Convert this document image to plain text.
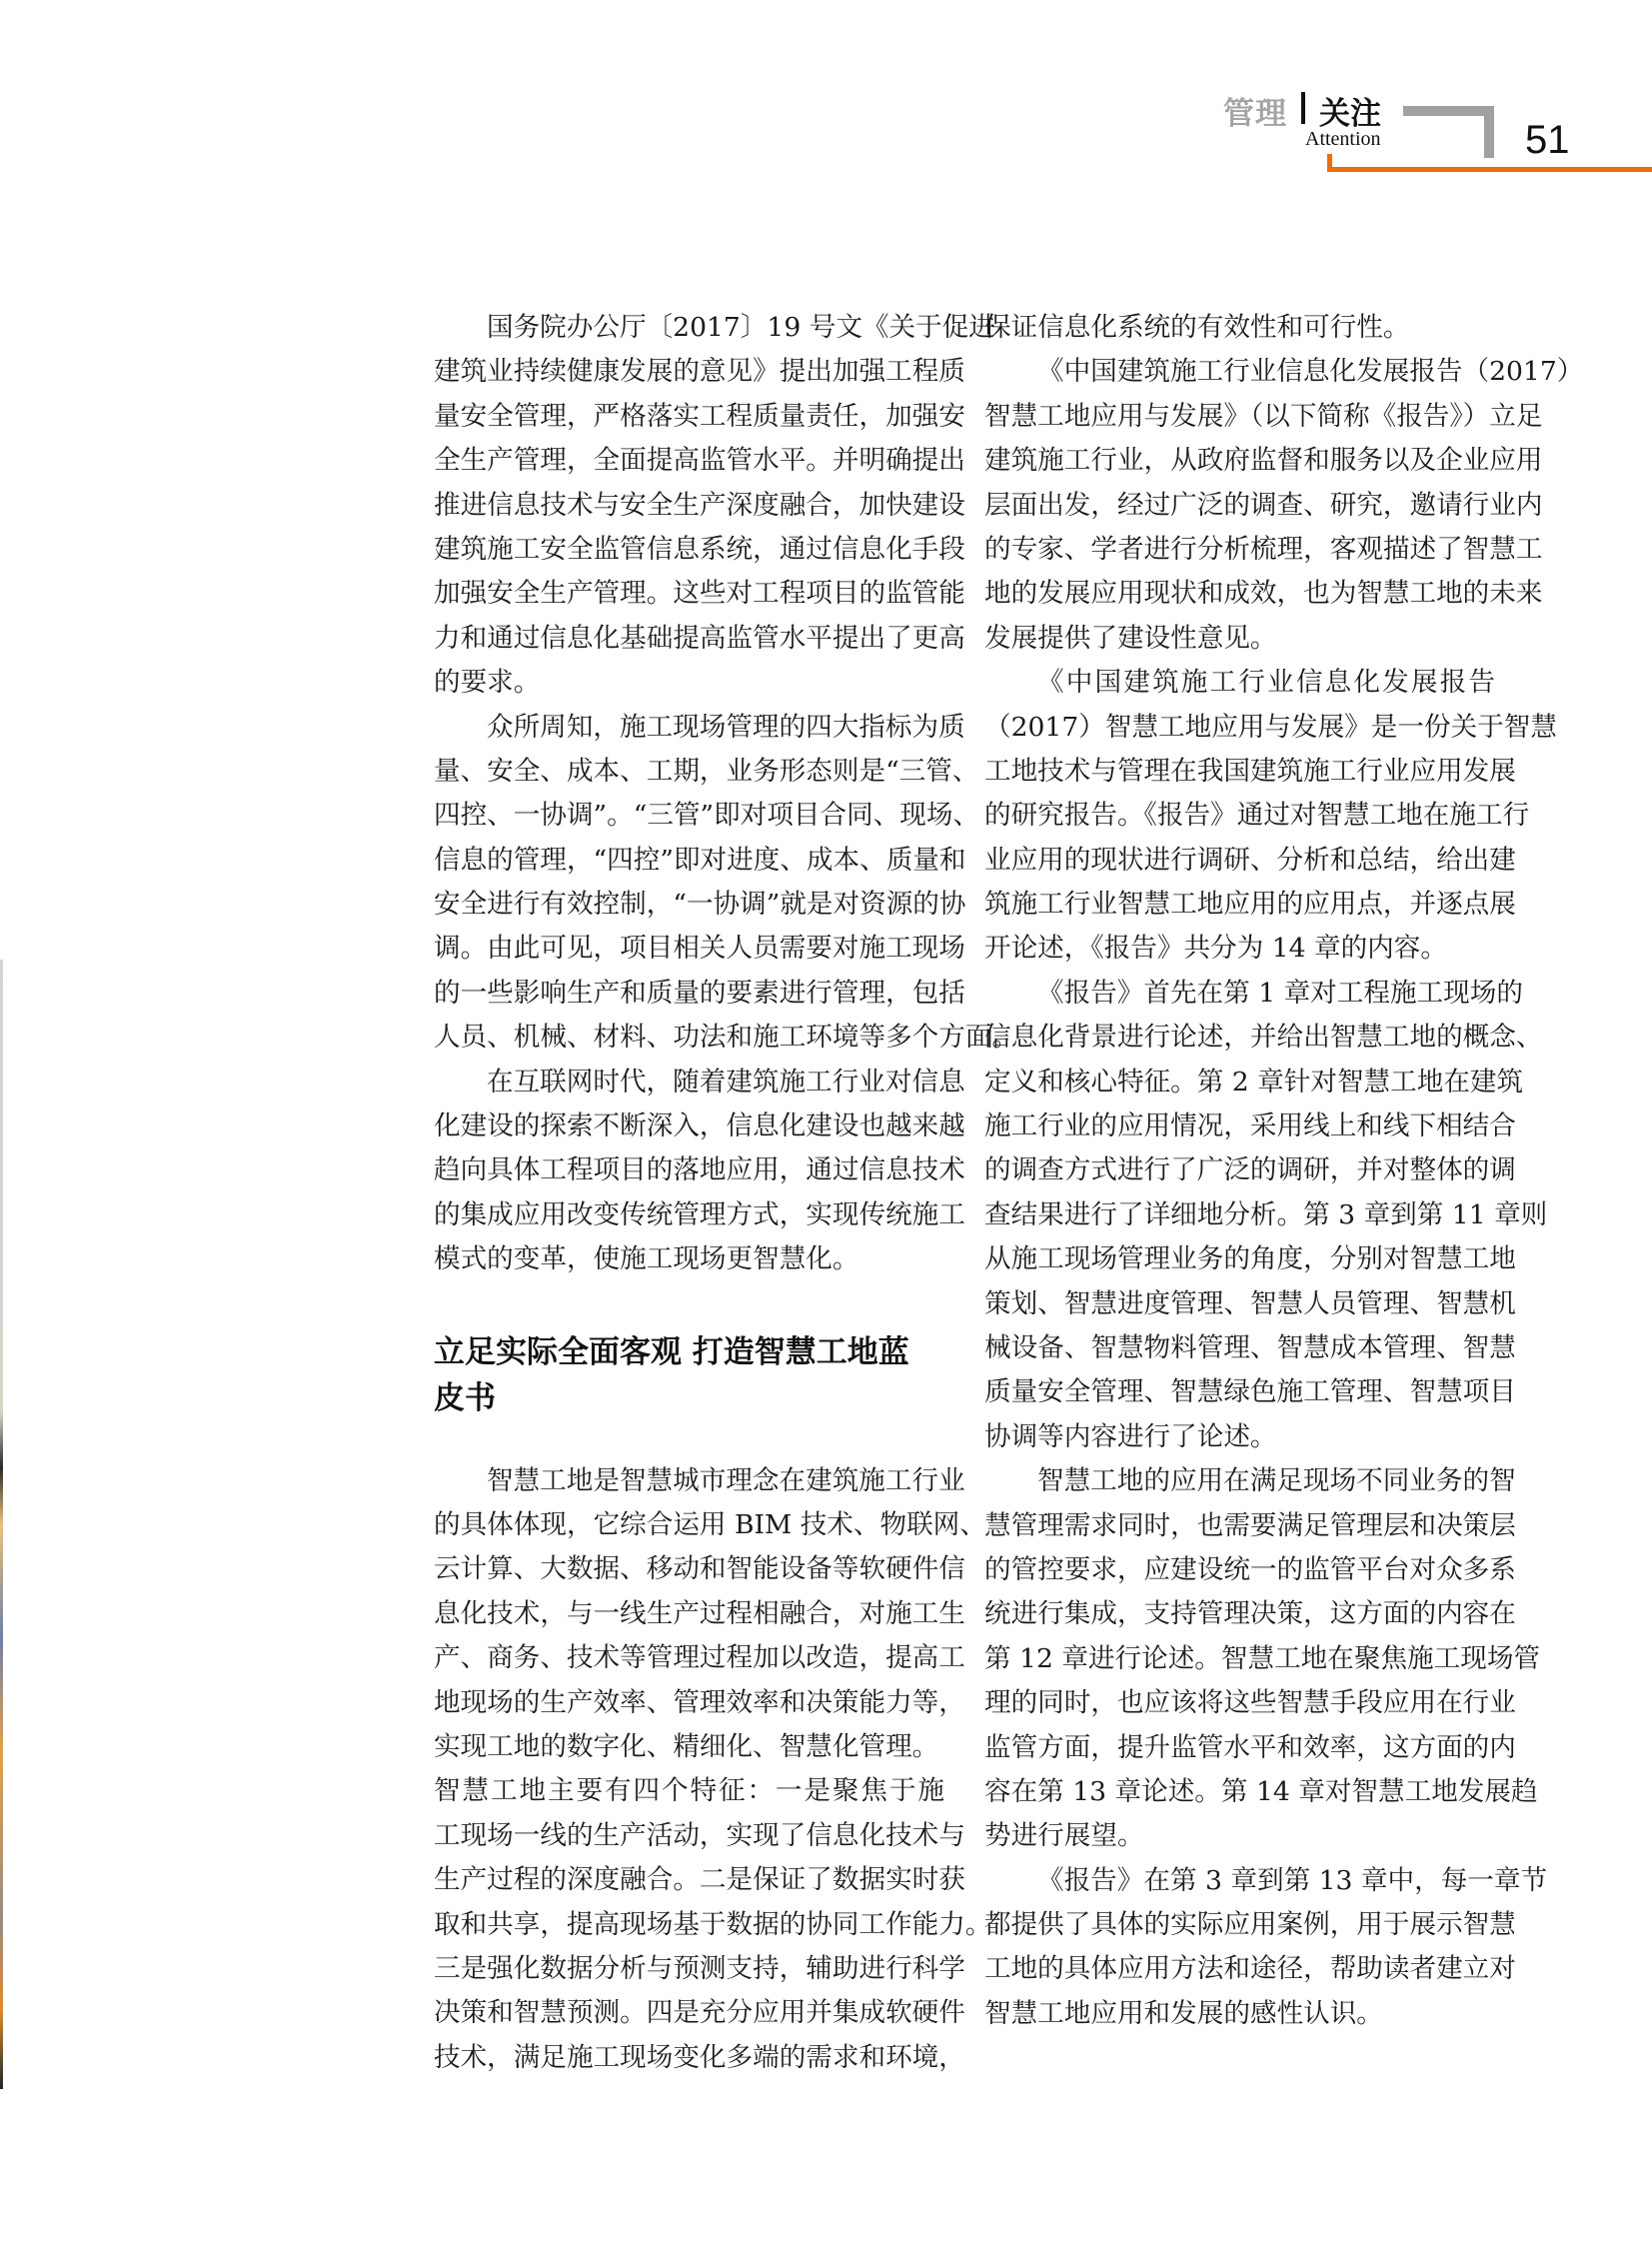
管理 关注
Attention	51
国务院办公厅〔2017〕19 号文《关于促进
建筑业持续健康发展的意见》提出加强工程质
量安全管理，严格落实工程质量责任，加强安
全生产管理，全面提高监管水平。并明确提出
推进信息技术与安全生产深度融合，加快建设
建筑施工安全监管信息系统，通过信息化手段
加强安全生产管理。这些对工程项目的监管能
力和通过信息化基础提高监管水平提出了更高
的要求。
众所周知，施工现场管理的四大指标为质
量、安全、成本、工期，业务形态则是“三管、
四控、一协调”。“三管”即对项目合同、现场、
信息的管理，“四控”即对进度、成本、质量和
安全进行有效控制，“一协调”就是对资源的协
调。由此可见，项目相关人员需要对施工现场
的一些影响生产和质量的要素进行管理，包括
人员、机械、材料、功法和施工环境等多个方面。
在互联网时代，随着建筑施工行业对信息
化建设的探索不断深入，信息化建设也越来越
趋向具体工程项目的落地应用，通过信息技术
的集成应用改变传统管理方式，实现传统施工
模式的变革，使施工现场更智慧化。
立足实际全面客观 打造智慧工地蓝
皮书
智慧工地是智慧城市理念在建筑施工行业
的具体体现，它综合运用 BIM 技术、物联网、
云计算、大数据、移动和智能设备等软硬件信
息化技术，与一线生产过程相融合，对施工生
产、商务、技术等管理过程加以改造，提高工
地现场的生产效率、管理效率和决策能力等，
实现工地的数字化、精细化、智慧化管理。
智慧工地主要有四个特征：一是聚焦于施
工现场一线的生产活动，实现了信息化技术与
生产过程的深度融合。二是保证了数据实时获
取和共享，提高现场基于数据的协同工作能力。
三是强化数据分析与预测支持，辅助进行科学
决策和智慧预测。四是充分应用并集成软硬件
技术，满足施工现场变化多端的需求和环境，
保证信息化系统的有效性和可行性。
《中国建筑施工行业信息化发展报告（2017）
智慧工地应用与发展》（以下简称《报告》）立足
建筑施工行业，从政府监督和服务以及企业应用
层面出发，经过广泛的调查、研究，邀请行业内
的专家、学者进行分析梳理，客观描述了智慧工
地的发展应用现状和成效，也为智慧工地的未来
发展提供了建设性意见。
《中国建筑施工行业信息化发展报告
（2017）智慧工地应用与发展》是一份关于智慧
工地技术与管理在我国建筑施工行业应用发展
的研究报告。《报告》通过对智慧工地在施工行
业应用的现状进行调研、分析和总结，给出建
筑施工行业智慧工地应用的应用点，并逐点展
开论述，《报告》共分为 14 章的内容。
《报告》首先在第 1 章对工程施工现场的
信息化背景进行论述，并给出智慧工地的概念、
定义和核心特征。第 2 章针对智慧工地在建筑
施工行业的应用情况，采用线上和线下相结合
的调查方式进行了广泛的调研，并对整体的调
查结果进行了详细地分析。第 3 章到第 11 章则
从施工现场管理业务的角度，分别对智慧工地
策划、智慧进度管理、智慧人员管理、智慧机
械设备、智慧物料管理、智慧成本管理、智慧
质量安全管理、智慧绿色施工管理、智慧项目
协调等内容进行了论述。
智慧工地的应用在满足现场不同业务的智
慧管理需求同时，也需要满足管理层和决策层
的管控要求，应建设统一的监管平台对众多系
统进行集成，支持管理决策，这方面的内容在
第 12 章进行论述。智慧工地在聚焦施工现场管
理的同时，也应该将这些智慧手段应用在行业
监管方面，提升监管水平和效率，这方面的内
容在第 13 章论述。第 14 章对智慧工地发展趋
势进行展望。
《报告》在第 3 章到第 13 章中，每一章节
都提供了具体的实际应用案例，用于展示智慧
工地的具体应用方法和途径，帮助读者建立对
智慧工地应用和发展的感性认识。
